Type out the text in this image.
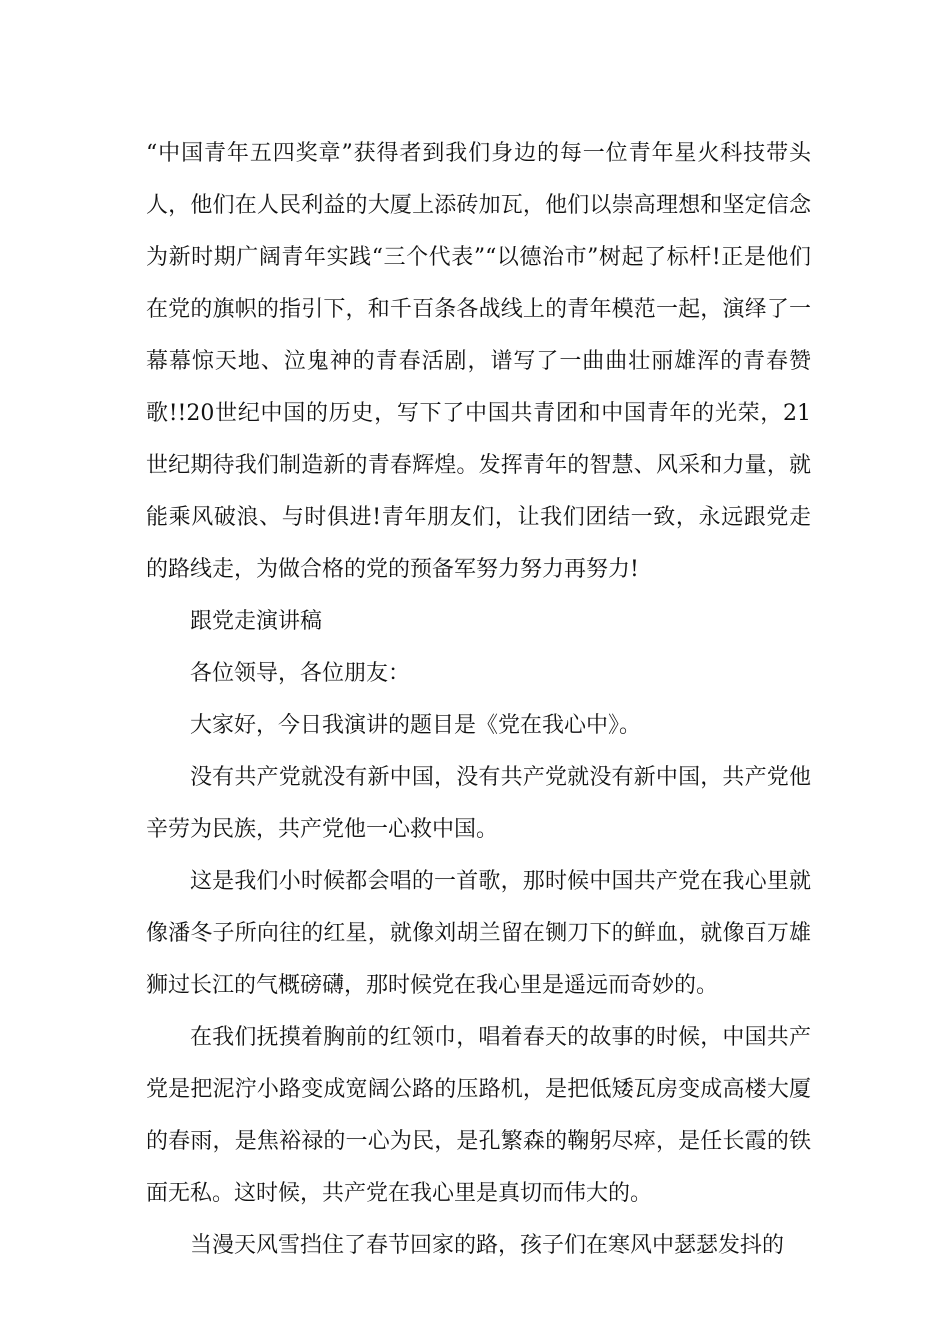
“中国青年五四奖章”获得者到我们身边的每一位青年星火科技带头人，他们在人民利益的大厦上添砖加瓦，他们以崇高理想和坚定信念为新时期广阔青年实践“三个代表”“以德治市”树起了标杆!正是他们在党的旗帜的指引下，和千百条各战线上的青年模范一起，演绎了一幕幕惊天地、泣鬼神的青春活剧，谱写了一曲曲壮丽雄浑的青春赞歌!!20世纪中国的历史，写下了中国共青团和中国青年的光荣，21世纪期待我们制造新的青春辉煌。发挥青年的智慧、风采和力量，就能乘风破浪、与时俱进!青年朋友们，让我们团结一致，永远跟党走的路线走，为做合格的党的预备军努力努力再努力!

跟党走演讲稿

各位领导，各位朋友：

大家好，今日我演讲的题目是《党在我心中》。

没有共产党就没有新中国，没有共产党就没有新中国，共产党他辛劳为民族，共产党他一心救中国。

这是我们小时候都会唱的一首歌，那时候中国共产党在我心里就像潘冬子所向往的红星，就像刘胡兰留在铡刀下的鲜血，就像百万雄狮过长江的气概磅礴，那时候党在我心里是遥远而奇妙的。

在我们抚摸着胸前的红领巾，唱着春天的故事的时候，中国共产党是把泥泞小路变成宽阔公路的压路机，是把低矮瓦房变成高楼大厦的春雨，是焦裕禄的一心为民，是孔繁森的鞠躬尽瘁，是任长霞的铁面无私。这时候，共产党在我心里是真切而伟大的。

当漫天风雪挡住了春节回家的路，孩子们在寒风中瑟瑟发抖的
